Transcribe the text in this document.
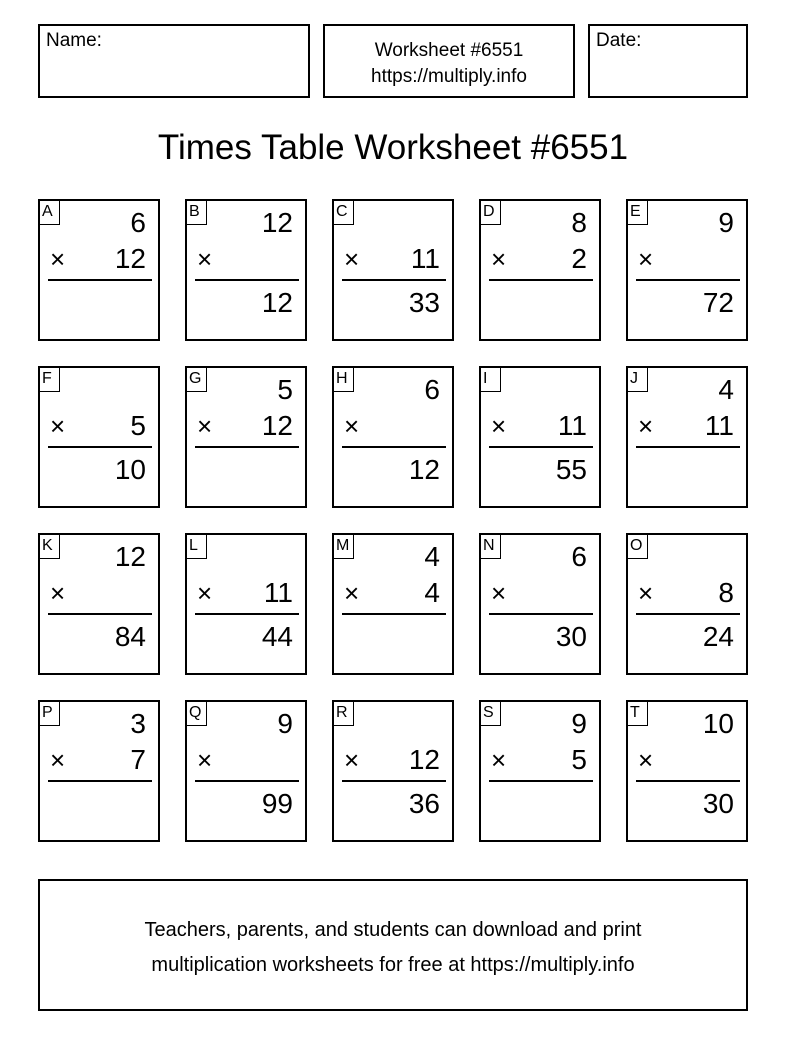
Name:	Worksheet #6551
https://multiply.info
Date:
Times Table Worksheet #6551
A	6
× 12
B 12
×
12
C
× 11
33
D	8
× 2
E	9
×
72
F
× 5
10
G	5
× 12
H	6
×
12
I
× 11
55
J	4
× 11
K 12
×
84
L
× 11
44
M	4
× 4
N	6
×
30
O
× 8
24
P	3
× 7
Q	9
×
99
R
× 12
36
S	9
× 5
T 10
×
30
Teachers, parents, and students can download and print
multiplication worksheets for free at https://multiply.info
